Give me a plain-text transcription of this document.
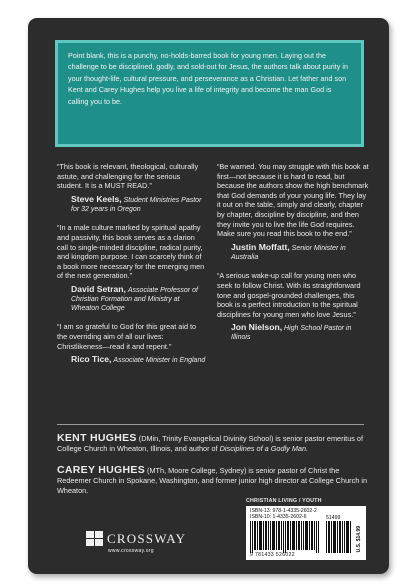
Point blank, this is a punchy, no-holds-barred book for young men. Laying out the challenge to be disciplined, godly, and sold-out for Jesus, the authors talk about purity in your thought-life, cultural pressure, and perseverance as a Christian. Let father and son Kent and Carey Hughes help you live a life of integrity and become the man God is calling you to be.
“This book is relevant, theological, culturally astute, and challenging for the serious student. It is a MUST READ.”
Steve Keels, Student Ministries Pastor for 32 years in Oregon
“In a male culture marked by spiritual apathy and passivity, this book serves as a clarion call to single-minded discipline, radical purity, and kingdom purpose. I can scarcely think of a book more necessary for the emerging men of the next generation.”
David Setran, Associate Professor of Christian Formation and Ministry at Wheaton College
“I am so grateful to God for this great aid to the overriding aim of all our lives: Christlikeness—read it and repent.”
Rico Tice, Associate Minister in England
“Be warned. You may struggle with this book at first—not because it is hard to read, but because the authors show the high benchmark that God demands of your young life. They lay it out on the table, simply and clearly, chapter by chapter, discipline by discipline, and then they invite you to live the life God requires. Make sure you read this book to the end.”
Justin Moffatt, Senior Minister in Australia
“A serious wake-up call for young men who seek to follow Christ. With its straightforward tone and gospel-grounded challenges, this book is a perfect introduction to the spiritual disciplines for young men who love Jesus.”
Jon Nielson, High School Pastor in Illinois
KENT HUGHES (DMin, Trinity Evangelical Divinity School) is senior pastor emeritus of College Church in Wheaton, Illinois, and author of Disciplines of a Godly Man.
CAREY HUGHES (MTh, Moore College, Sydney) is senior pastor of Christ the Redeemer Church in Spokane, Washington, and former junior high director at College Church in Wheaton.
CHRISTIAN LIVING / YOUTH
CROSSWAY
www.crossway.org
ISBN-13: 978-1-4335-2602-2
ISBN-10: 1-4335-2602-6	51499
9 781433 526022
U.S. $14.99
